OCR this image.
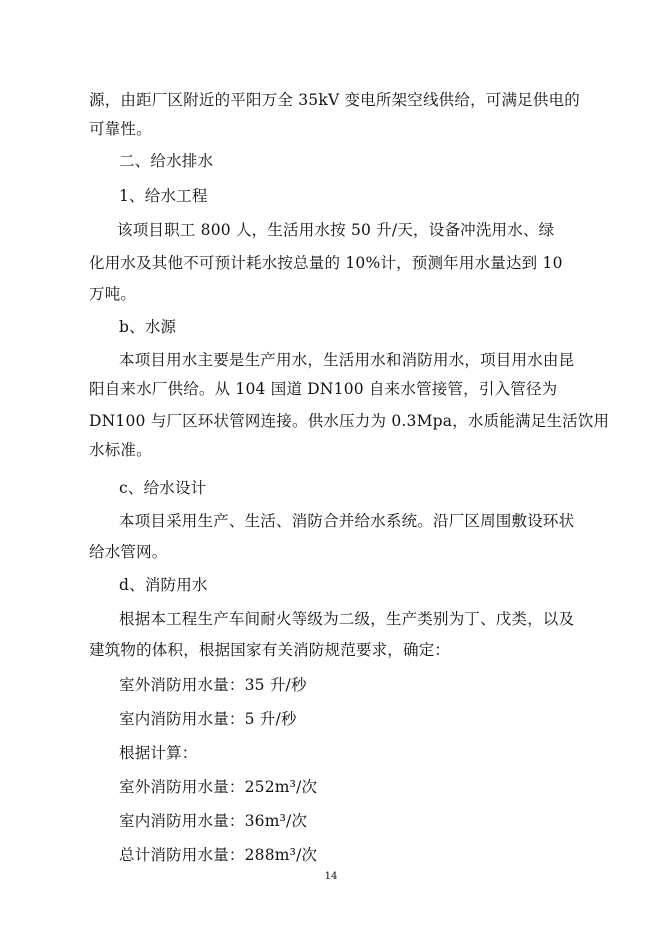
源，由距厂区附近的平阳万全 35kV 变电所架空线供给，可满足供电的
可靠性。
二、给水排水
1、给水工程
该项目职工 800 人，生活用水按 50 升/天，设备冲洗用水、绿
化用水及其他不可预计耗水按总量的 10%计，预测年用水量达到 10
万吨。
b、水源
本项目用水主要是生产用水，生活用水和消防用水，项目用水由昆
阳自来水厂供给。从 104 国道 DN100 自来水管接管，引入管径为
DN100 与厂区环状管网连接。供水压力为 0.3Mpa，水质能满足生活饮用
水标准。
c、给水设计
本项目采用生产、生活、消防合并给水系统。沿厂区周围敷设环状
给水管网。
d、消防用水
根据本工程生产车间耐火等级为二级，生产类别为丁、戊类，以及
建筑物的体积，根据国家有关消防规范要求，确定：
室外消防用水量：35 升/秒
室内消防用水量：5 升/秒
根据计算：
室外消防用水量：252m³/次
室内消防用水量：36m³/次
总计消防用水量：288m³/次
14
